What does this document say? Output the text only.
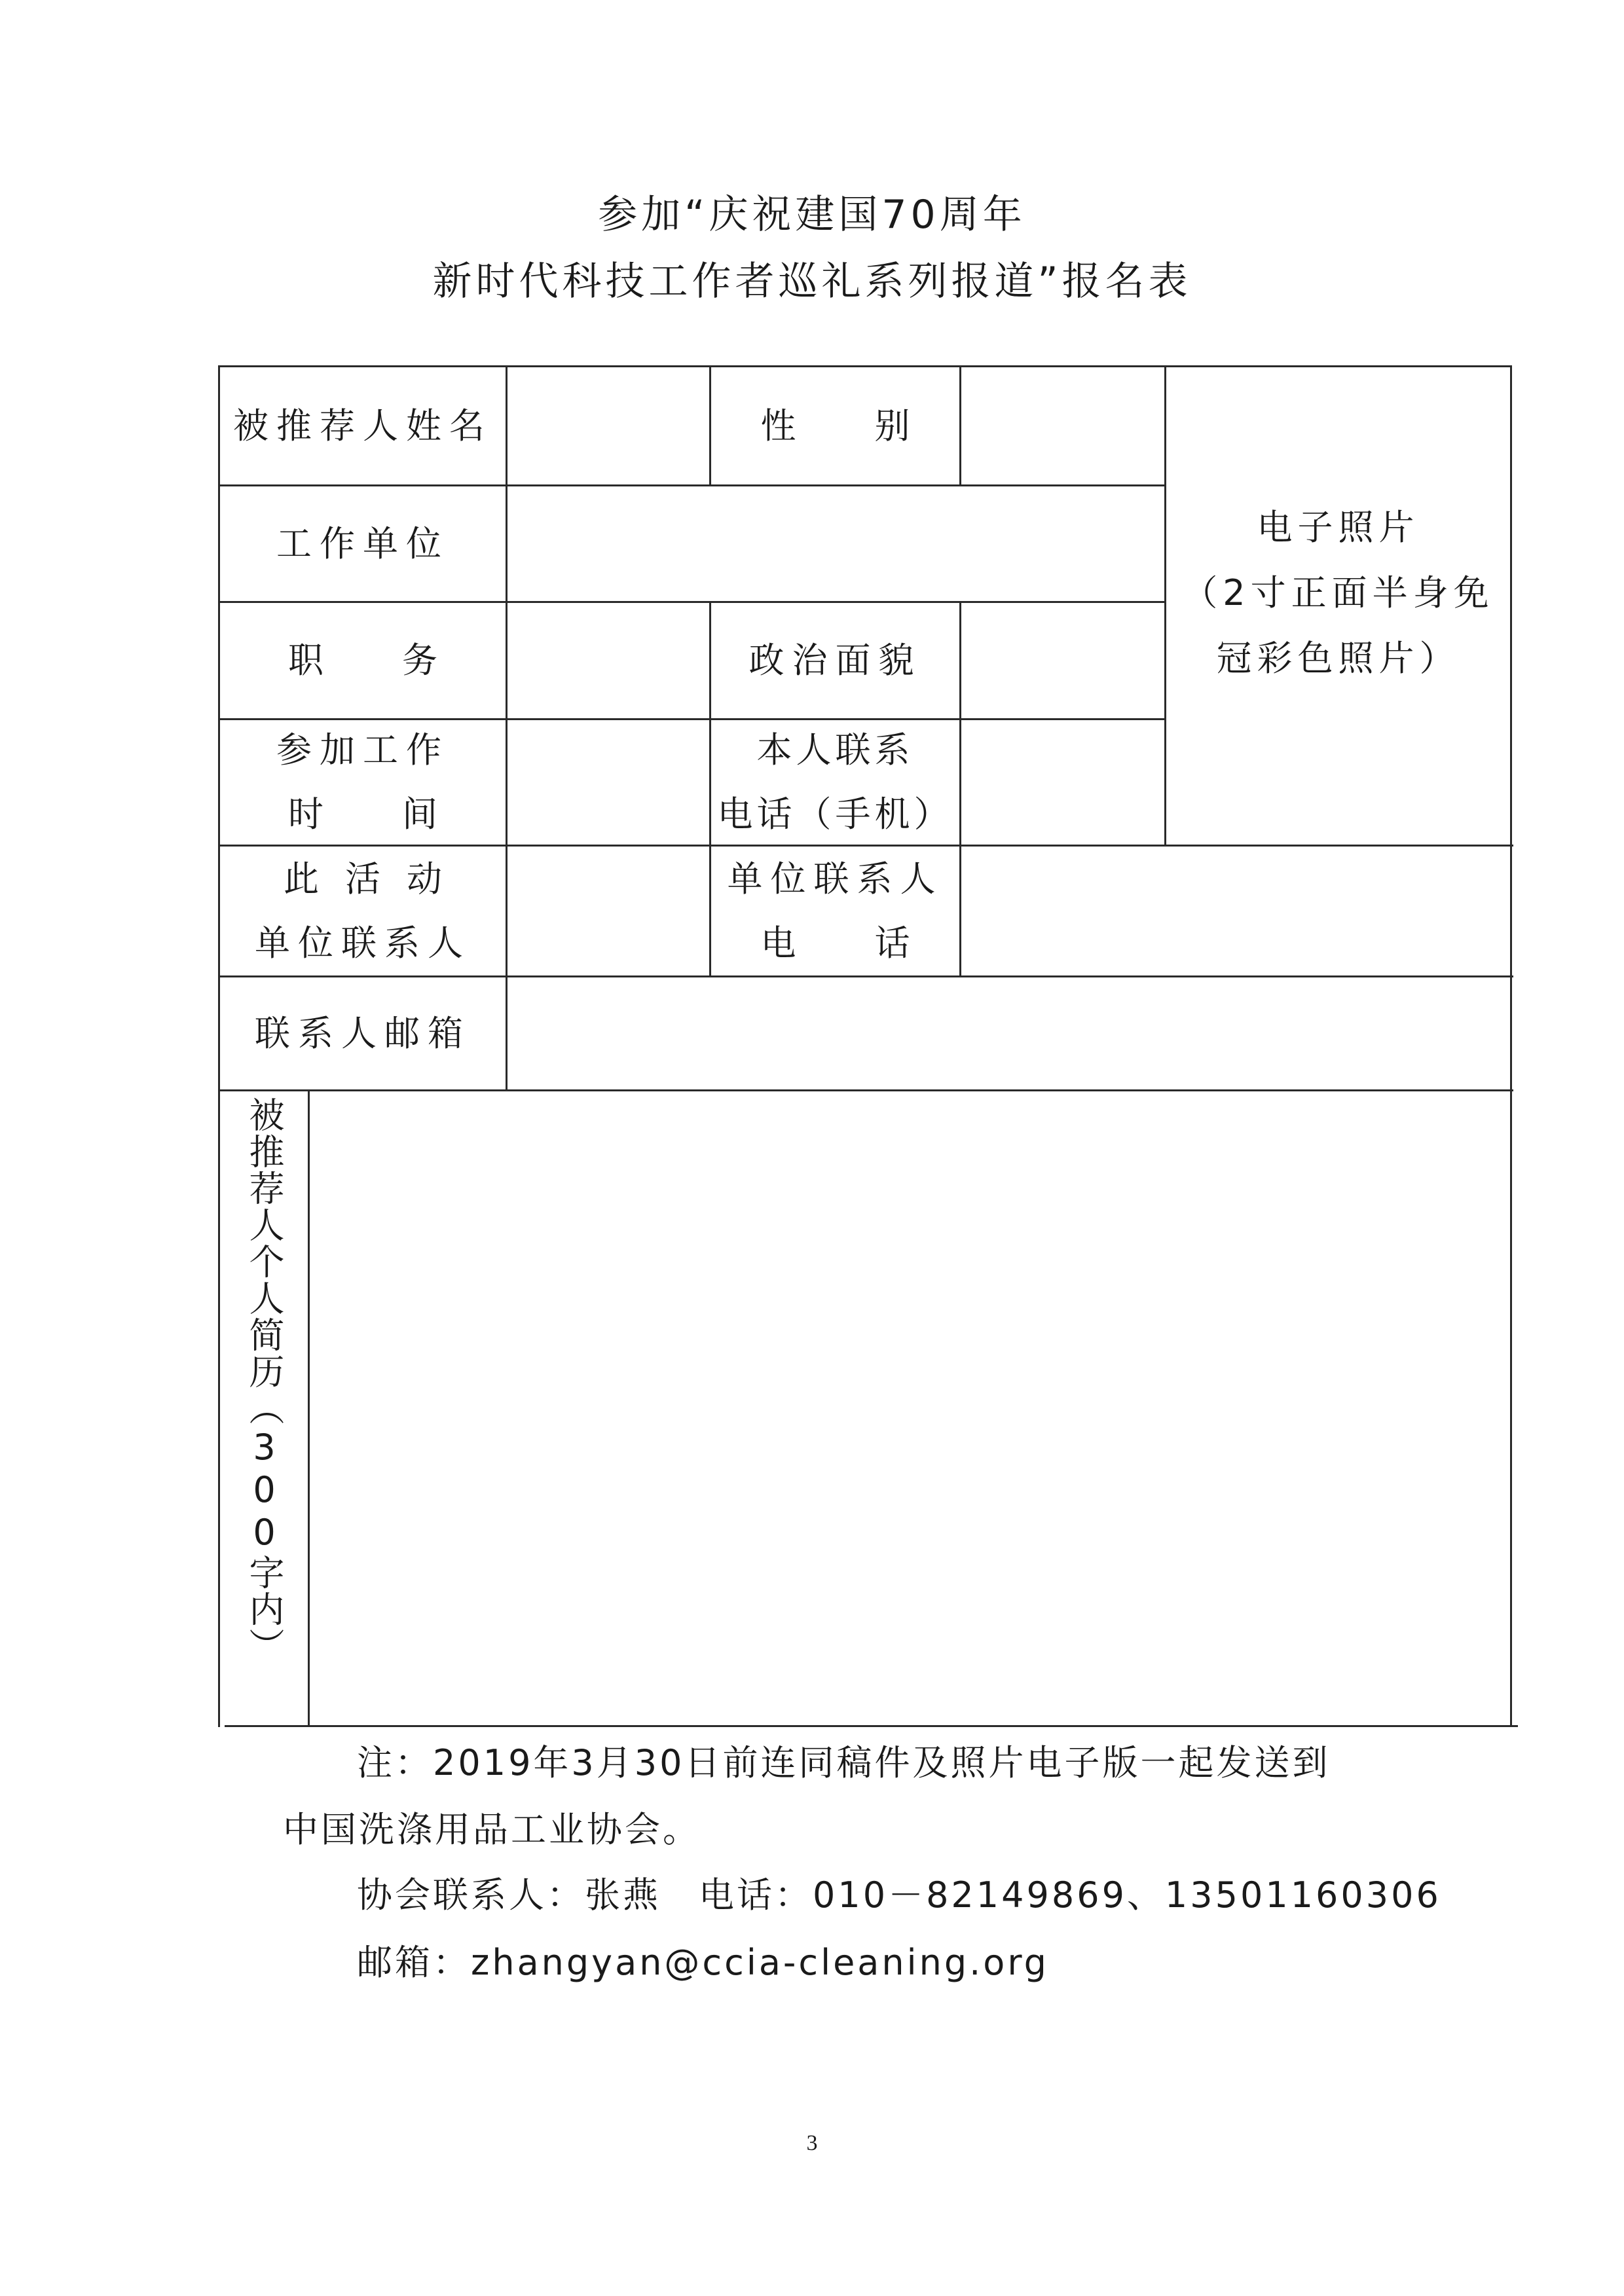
参加“庆祝建国70周年
新时代科技工作者巡礼系列报道”报名表
被推荐人姓名	性别
电子照片
（2寸正面半身免
冠彩色照片）
工作单位
职务	政治面貌
参加工作
时间
本人联系
电话（手机）
此活动
单位联系人
单位联系人
电话
联系人邮箱
被推荐人个人简历（300字内）
注：2019年3月30日前连同稿件及照片电子版一起发送到
中国洗涤用品工业协会。
协会联系人：张燕　电话：010－82149869、13501160306
邮箱：zhangyan@ccia-cleaning.org
3
